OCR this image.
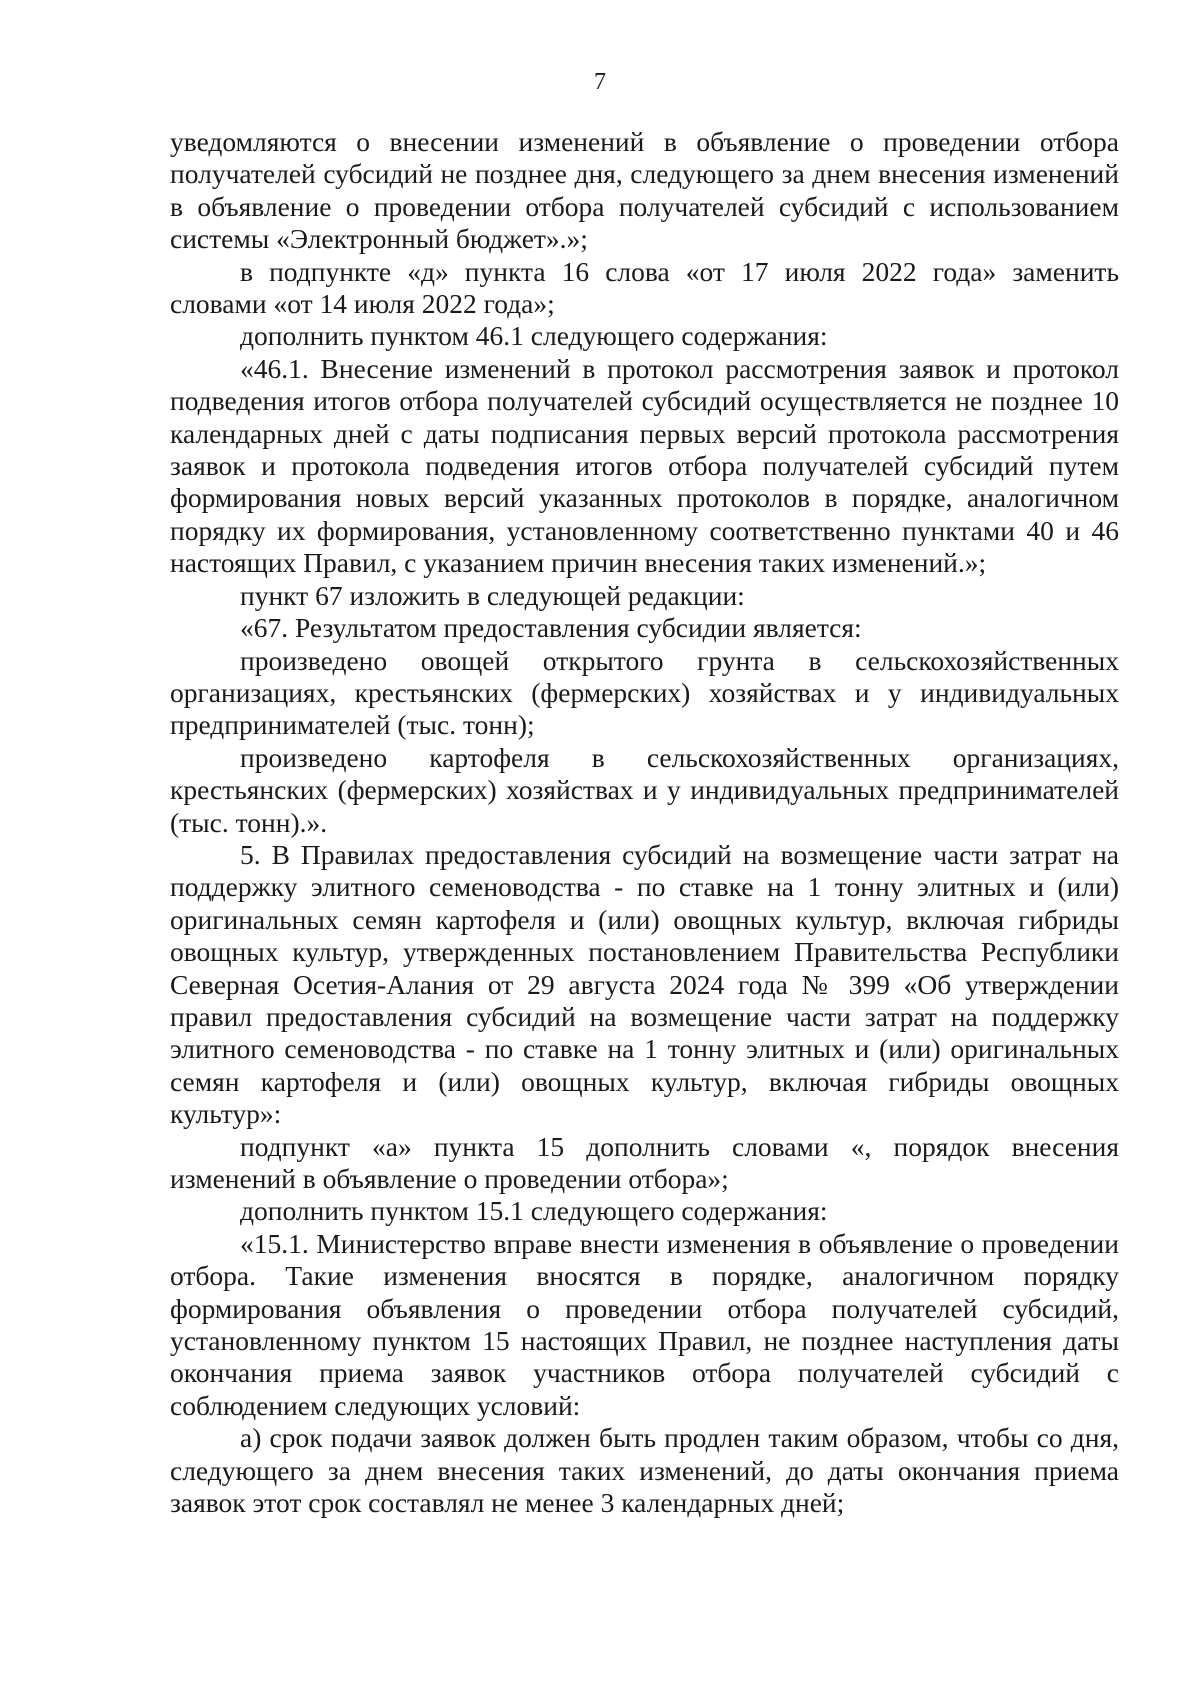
7

уведомляются о внесении изменений в объявление о проведении отбора получателей субсидий не позднее дня, следующего за днем внесения изменений в объявление о проведении отбора получателей субсидий с использованием системы «Электронный бюджет».»;

в подпункте «д» пункта 16 слова «от 17 июля 2022 года» заменить словами «от 14 июля 2022 года»;

дополнить пунктом 46.1 следующего содержания:

«46.1. Внесение изменений в протокол рассмотрения заявок и протокол подведения итогов отбора получателей субсидий осуществляется не позднее 10 календарных дней с даты подписания первых версий протокола рассмотрения заявок и протокола подведения итогов отбора получателей субсидий путем формирования новых версий указанных протоколов в порядке, аналогичном порядку их формирования, установленному соответственно пунктами 40 и 46 настоящих Правил, с указанием причин внесения таких изменений.»;

пункт 67 изложить в следующей редакции:

«67. Результатом предоставления субсидии является:

произведено овощей открытого грунта в сельскохозяйственных организациях, крестьянских (фермерских) хозяйствах и у индивидуальных предпринимателей (тыс. тонн);

произведено картофеля в сельскохозяйственных организациях, крестьянских (фермерских) хозяйствах и у индивидуальных предпринимателей (тыс. тонн).».

5. В Правилах предоставления субсидий на возмещение части затрат на поддержку элитного семеноводства - по ставке на 1 тонну элитных и (или) оригинальных семян картофеля и (или) овощных культур, включая гибриды овощных культур, утвержденных постановлением Правительства Республики Северная Осетия-Алания от 29 августа 2024 года № 399 «Об утверждении правил предоставления субсидий на возмещение части затрат на поддержку элитного семеноводства - по ставке на 1 тонну элитных и (или) оригинальных семян картофеля и (или) овощных культур, включая гибриды овощных культур»:

подпункт «а» пункта 15 дополнить словами «, порядок внесения изменений в объявление о проведении отбора»;

дополнить пунктом 15.1 следующего содержания:

«15.1. Министерство вправе внести изменения в объявление о проведении отбора. Такие изменения вносятся в порядке, аналогичном порядку формирования объявления о проведении отбора получателей субсидий, установленному пунктом 15 настоящих Правил, не позднее наступления даты окончания приема заявок участников отбора получателей субсидий с соблюдением следующих условий:

а) срок подачи заявок должен быть продлен таким образом, чтобы со дня, следующего за днем внесения таких изменений, до даты окончания приема заявок этот срок составлял не менее 3 календарных дней;
